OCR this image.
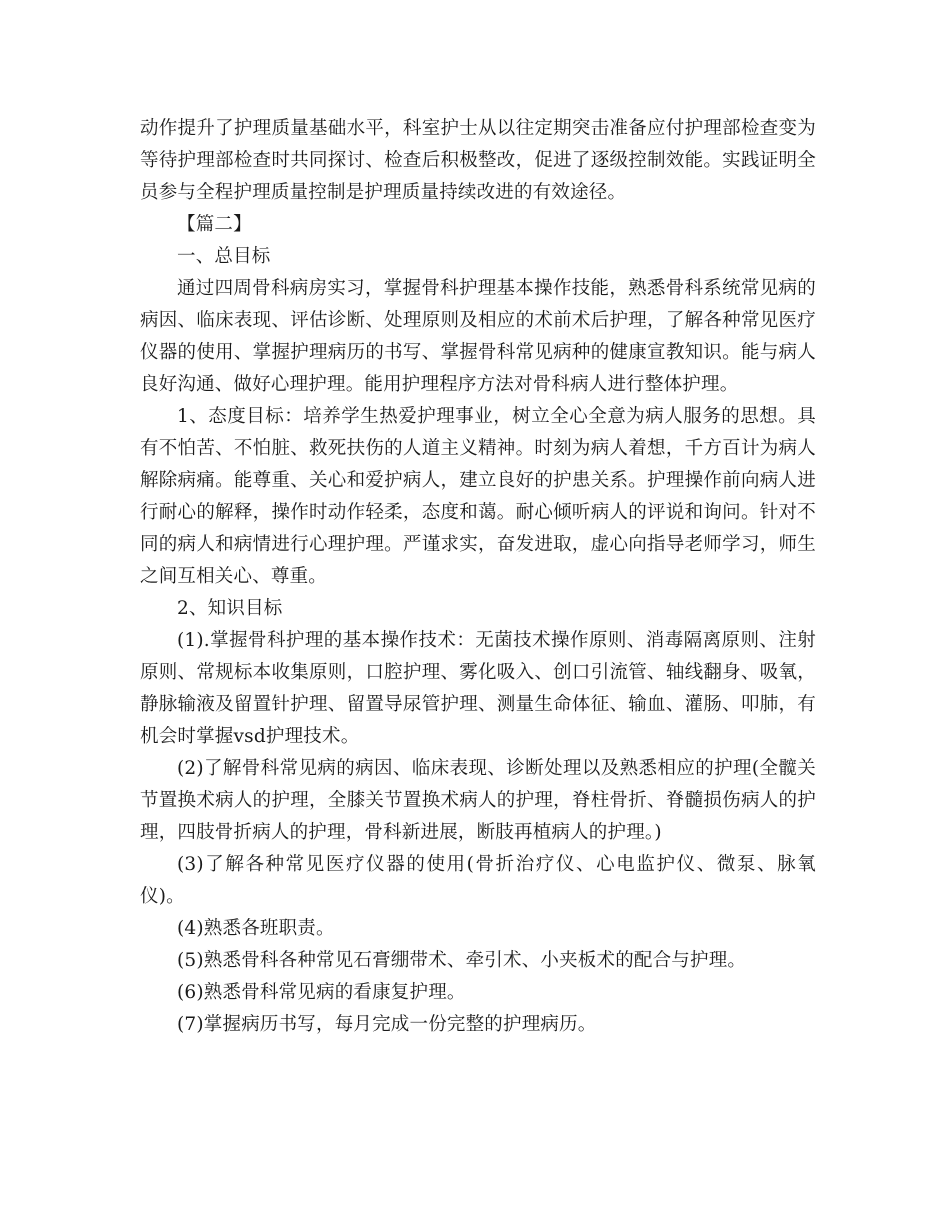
动作提升了护理质量基础水平，科室护士从以往定期突击准备应付护理部检查变为等待护理部检查时共同探讨、检查后积极整改，促进了逐级控制效能。实践证明全员参与全程护理质量控制是护理质量持续改进的有效途径。

【篇二】

一、总目标

通过四周骨科病房实习，掌握骨科护理基本操作技能，熟悉骨科系统常见病的病因、临床表现、评估诊断、处理原则及相应的术前术后护理，了解各种常见医疗仪器的使用、掌握护理病历的书写、掌握骨科常见病种的健康宣教知识。能与病人良好沟通、做好心理护理。能用护理程序方法对骨科病人进行整体护理。

1、态度目标：培养学生热爱护理事业，树立全心全意为病人服务的思想。具有不怕苦、不怕脏、救死扶伤的人道主义精神。时刻为病人着想，千方百计为病人解除病痛。能尊重、关心和爱护病人，建立良好的护患关系。护理操作前向病人进行耐心的解释，操作时动作轻柔，态度和蔼。耐心倾听病人的评说和询问。针对不同的病人和病情进行心理护理。严谨求实，奋发进取，虚心向指导老师学习，师生之间互相关心、尊重。

2、知识目标

(1).掌握骨科护理的基本操作技术：无菌技术操作原则、消毒隔离原则、注射原则、常规标本收集原则，口腔护理、雾化吸入、创口引流管、轴线翻身、吸氧，静脉输液及留置针护理、留置导尿管护理、测量生命体征、输血、灌肠、叩肺，有机会时掌握vsd护理技术。

(2)了解骨科常见病的病因、临床表现、诊断处理以及熟悉相应的护理(全髋关节置换术病人的护理，全膝关节置换术病人的护理，脊柱骨折、脊髓损伤病人的护理，四肢骨折病人的护理，骨科新进展，断肢再植病人的护理。)

(3)了解各种常见医疗仪器的使用(骨折治疗仪、心电监护仪、微泵、脉氧仪)。

(4)熟悉各班职责。

(5)熟悉骨科各种常见石膏绷带术、牵引术、小夹板术的配合与护理。

(6)熟悉骨科常见病的看康复护理。

(7)掌握病历书写，每月完成一份完整的护理病历。
